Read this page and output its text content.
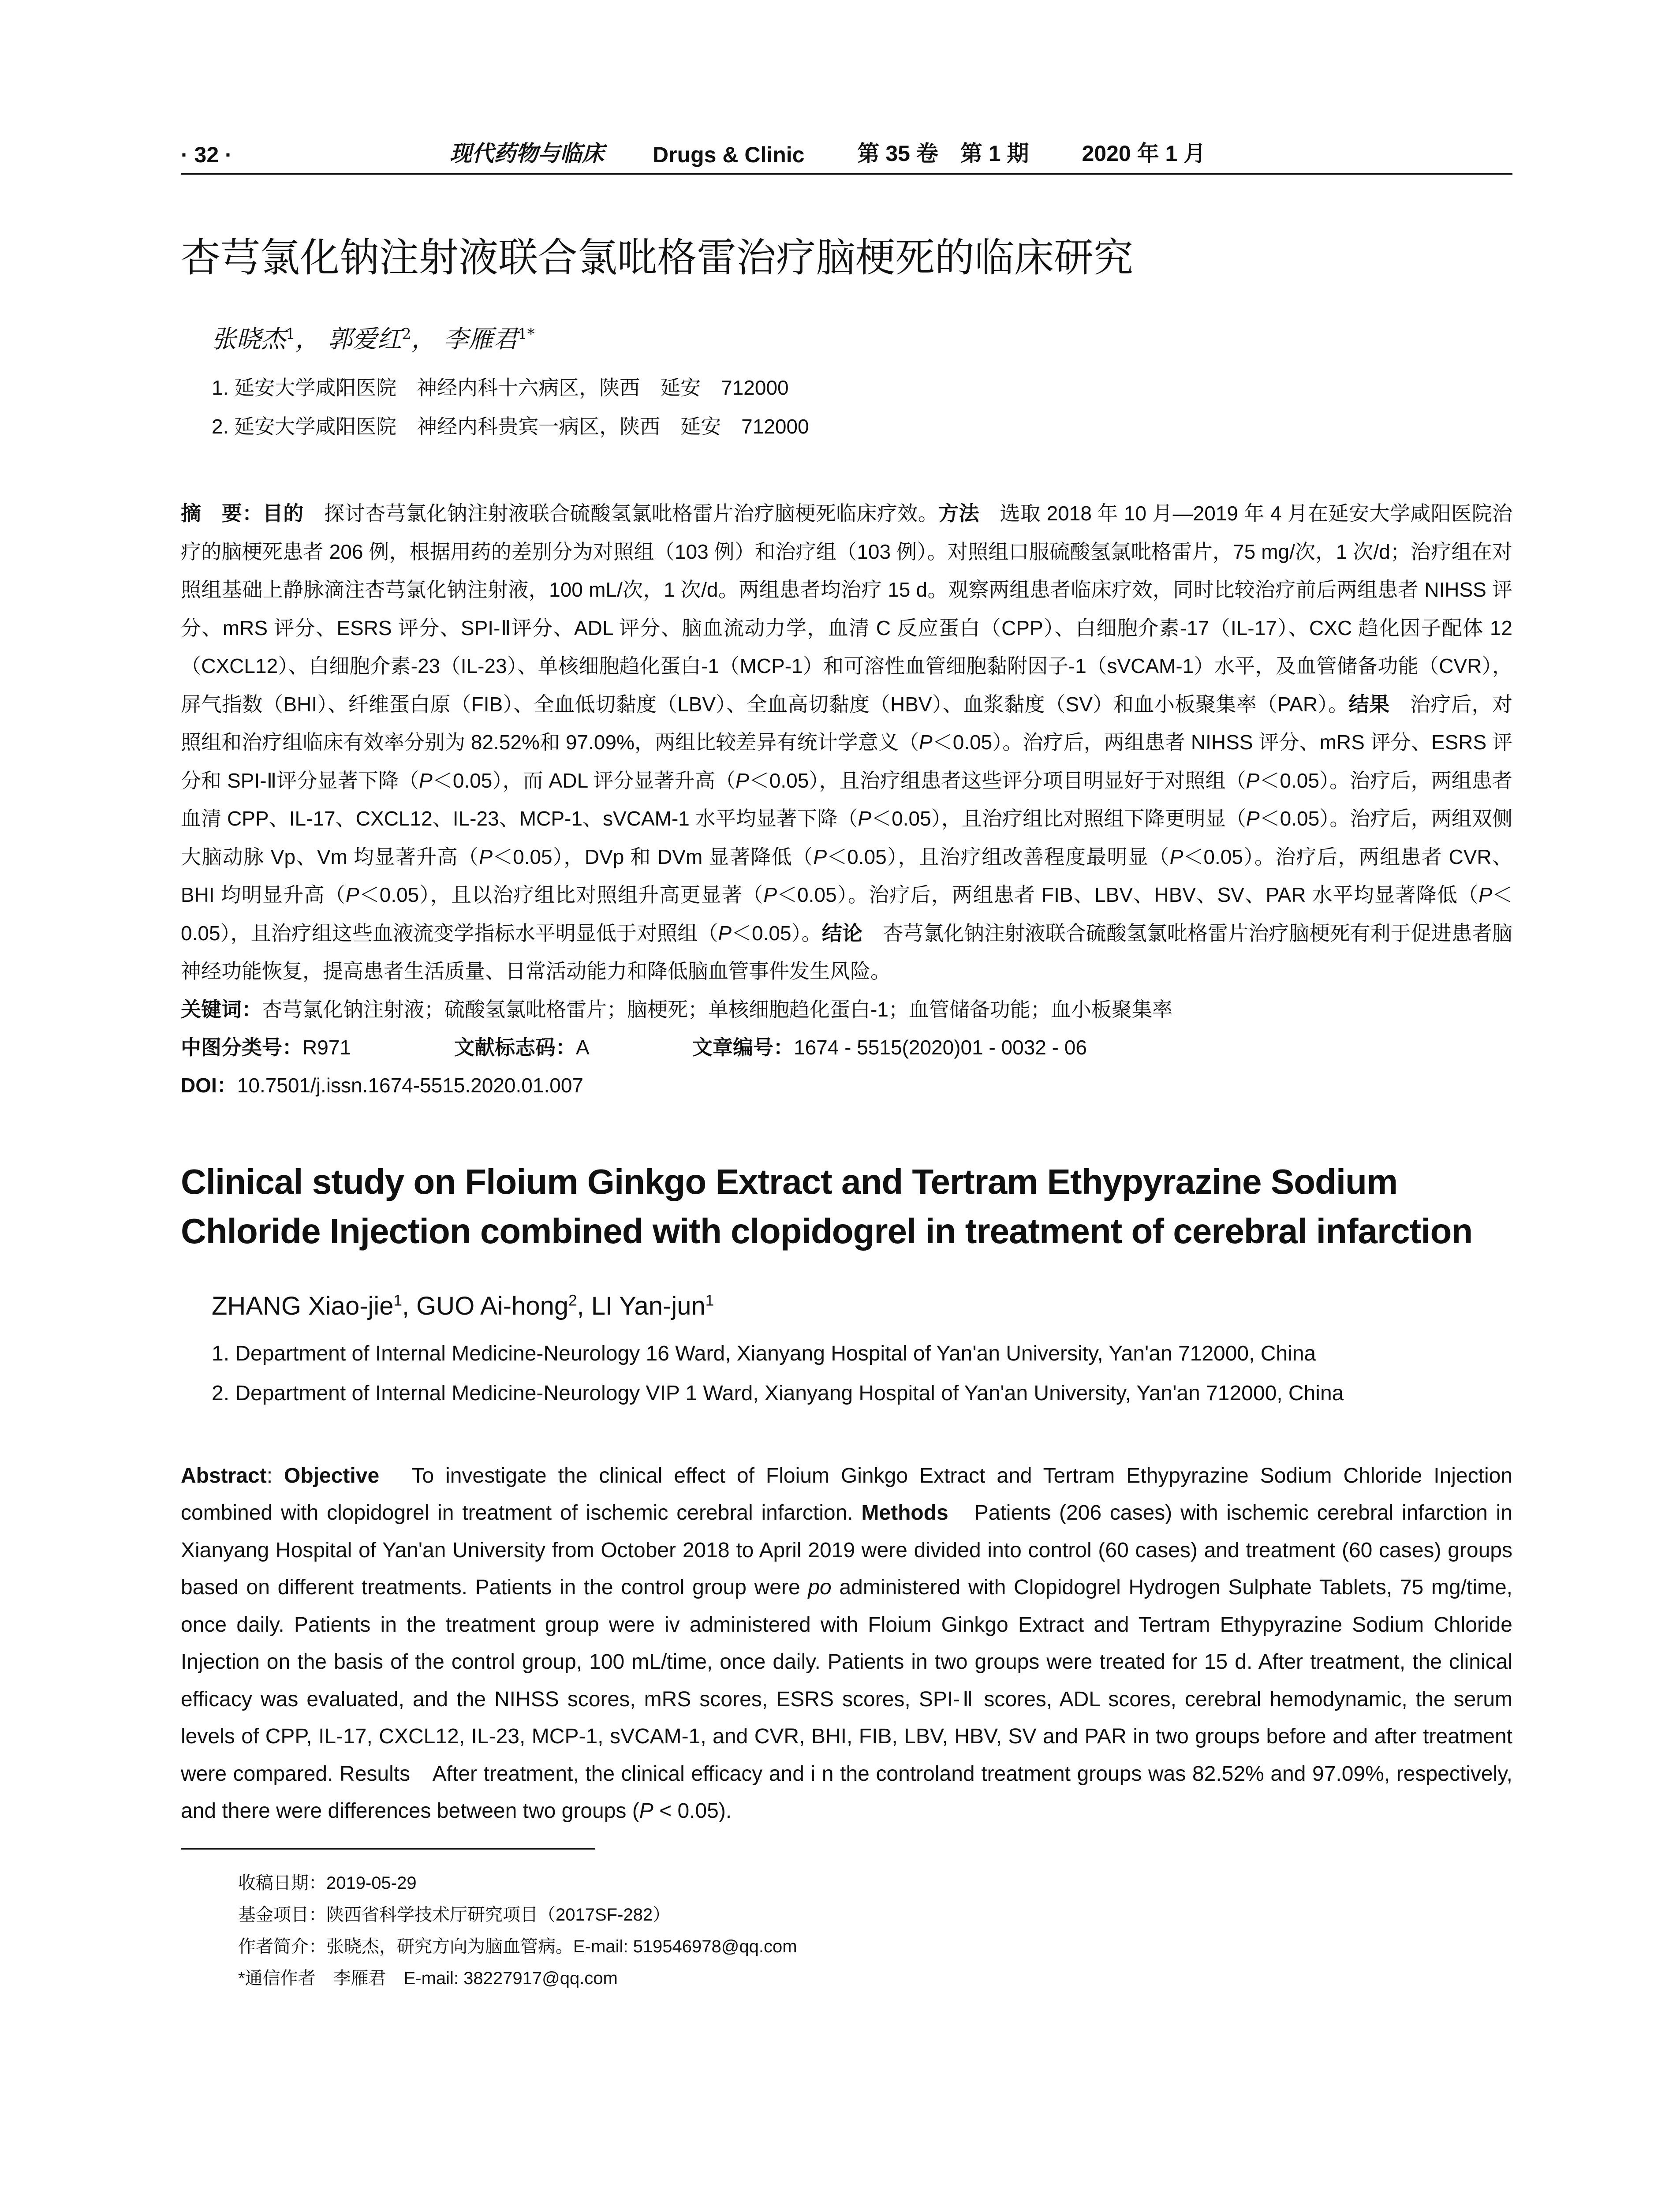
· 32 ·	现代药物与临床 Drugs & Clinic 第 35 卷　第 1 期 2020 年 1 月
杏芎氯化钠注射液联合氯吡格雷治疗脑梗死的临床研究
张晓杰$^1$， 郭爱红$^2$， 李雁君$^{1*}$
1. 延安大学咸阳医院　神经内科十六病区，陕西　延安　712000
2. 延安大学咸阳医院　神经内科贵宾一病区，陕西　延安　712000
摘　要：目的　探讨杏芎氯化钠注射液联合硫酸氢氯吡格雷片治疗脑梗死临床疗效。方法　选取 2018 年 10 月—2019 年 4 月在延安大学咸阳医院治疗的脑梗死患者 206 例，根据用药的差别分为对照组（103 例）和治疗组（103 例）。对照组口服硫酸氢氯吡格雷片，75 mg/次，1 次/d；治疗组在对照组基础上静脉滴注杏芎氯化钠注射液，100 mL/次，1 次/d。两组患者均治疗 15 d。观察两组患者临床疗效，同时比较治疗前后两组患者 NIHSS 评分、mRS 评分、ESRS 评分、SPI-Ⅱ评分、ADL 评分、脑血流动力学，血清 C 反应蛋白（CPP）、白细胞介素-17（IL-17）、CXC 趋化因子配体 12（CXCL12）、白细胞介素-23（IL-23）、单核细胞趋化蛋白-1（MCP-1）和可溶性血管细胞黏附因子-1（sVCAM-1）水平，及血管储备功能（CVR），屏气指数（BHI）、纤维蛋白原（FIB）、全血低切黏度（LBV）、全血高切黏度（HBV）、血浆黏度（SV）和血小板聚集率（PAR）。结果　治疗后，对照组和治疗组临床有效率分别为 82.52%和 97.09%，两组比较差异有统计学意义（P＜0.05）。治疗后，两组患者 NIHSS 评分、mRS 评分、ESRS 评分和 SPI-Ⅱ评分显著下降（P＜0.05），而 ADL 评分显著升高（P＜0.05），且治疗组患者这些评分项目明显好于对照组（P＜0.05）。治疗后，两组患者血清 CPP、IL-17、CXCL12、IL-23、MCP-1、sVCAM-1 水平均显著下降（P＜0.05），且治疗组比对照组下降更明显（P＜0.05）。治疗后，两组双侧大脑动脉 Vp、Vm 均显著升高（P＜0.05），DVp 和 DVm 显著降低（P＜0.05），且治疗组改善程度最明显（P＜0.05）。治疗后，两组患者 CVR、BHI 均明显升高（P＜0.05），且以治疗组比对照组升高更显著（P＜0.05）。治疗后，两组患者 FIB、LBV、HBV、SV、PAR 水平均显著降低（P＜0.05），且治疗组这些血液流变学指标水平明显低于对照组（P＜0.05）。结论　杏芎氯化钠注射液联合硫酸氢氯吡格雷片治疗脑梗死有利于促进患者脑神经功能恢复，提高患者生活质量、日常活动能力和降低脑血管事件发生风险。
关键词：杏芎氯化钠注射液；硫酸氢氯吡格雷片；脑梗死；单核细胞趋化蛋白-1；血管储备功能；血小板聚集率
中图分类号：R971	文献标志码：A	文章编号：1674 - 5515(2020)01 - 0032 - 06
DOI：10.7501/j.issn.1674-5515.2020.01.007
Clinical study on Floium Ginkgo Extract and Tertram Ethypyrazine Sodium
Chloride Injection combined with clopidogrel in treatment of cerebral infarction
ZHANG Xiao-jie$^1$, GUO Ai-hong$^2$, LI Yan-jun$^1$
1. Department of Internal Medicine-Neurology 16 Ward, Xianyang Hospital of Yan'an University, Yan'an 712000, China
2. Department of Internal Medicine-Neurology VIP 1 Ward, Xianyang Hospital of Yan'an University, Yan'an 712000, China
Abstract: Objective　To investigate the clinical effect of Floium Ginkgo Extract and Tertram Ethypyrazine Sodium Chloride Injection combined with clopidogrel in treatment of ischemic cerebral infarction. Methods　Patients (206 cases) with ischemic cerebral infarction in Xianyang Hospital of Yan'an University from October 2018 to April 2019 were divided into control (60 cases) and treatment (60 cases) groups based on different treatments. Patients in the control group were po administered with Clopidogrel Hydrogen Sulphate Tablets, 75 mg/time, once daily. Patients in the treatment group were iv administered with Floium Ginkgo Extract and Tertram Ethypyrazine Sodium Chloride Injection on the basis of the control group, 100 mL/time, once daily. Patients in two groups were treated for 15 d. After treatment, the clinical efficacy was evaluated, and the NIHSS scores, mRS scores, ESRS scores, SPI-Ⅱ scores, ADL scores, cerebral hemodynamic, the serum levels of CPP, IL-17, CXCL12, IL-23, MCP-1, sVCAM-1, and CVR, BHI, FIB, LBV, HBV, SV and PAR in two groups before and after treatment were compared. Results　After treatment, the clinical efficacy and i n the controland treatment groups was 82.52% and 97.09%, respectively, and there were differences between two groups (P < 0.05).
收稿日期：2019-05-29
基金项目：陕西省科学技术厅研究项目（2017SF-282）
作者简介：张晓杰，研究方向为脑血管病。E-mail: 519546978@qq.com
*通信作者　李雁君　E-mail: 38227917@qq.com
